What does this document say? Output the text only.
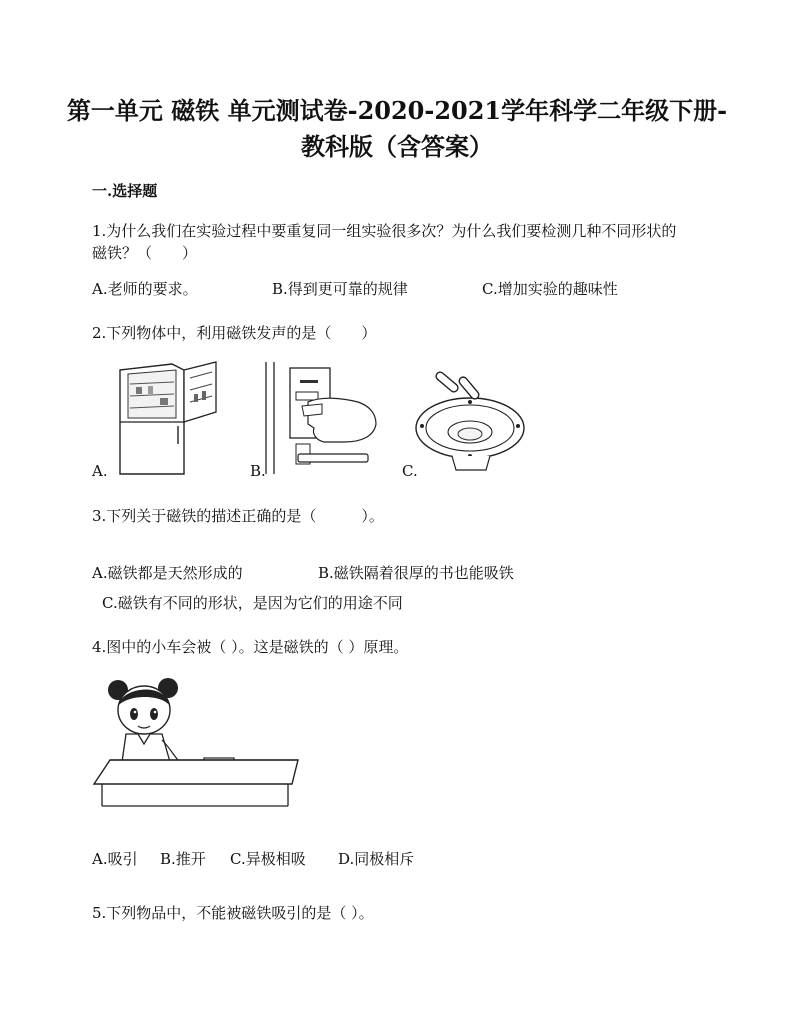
第一单元 磁铁 单元测试卷-2020-2021学年科学二年级下册-
教科版（含答案）
一.选择题
1.为什么我们在实验过程中要重复同一组实验很多次？为什么我们要检测几种不同形状的
磁铁？（　　）
A.老师的要求。	B.得到更可靠的规律	C.增加实验的趣味性
2.下列物体中，利用磁铁发声的是（　　）
A.	B.	C.
3.下列关于磁铁的描述正确的是（　　　）。
A.磁铁都是天然形成的	B.磁铁隔着很厚的书也能吸铁
C.磁铁有不同的形状，是因为它们的用途不同
4.图中的小车会被（ ）。这是磁铁的（ ）原理。
A.吸引 B.推开 C.异极相吸 D.同极相斥
5.下列物品中，不能被磁铁吸引的是（ ）。
